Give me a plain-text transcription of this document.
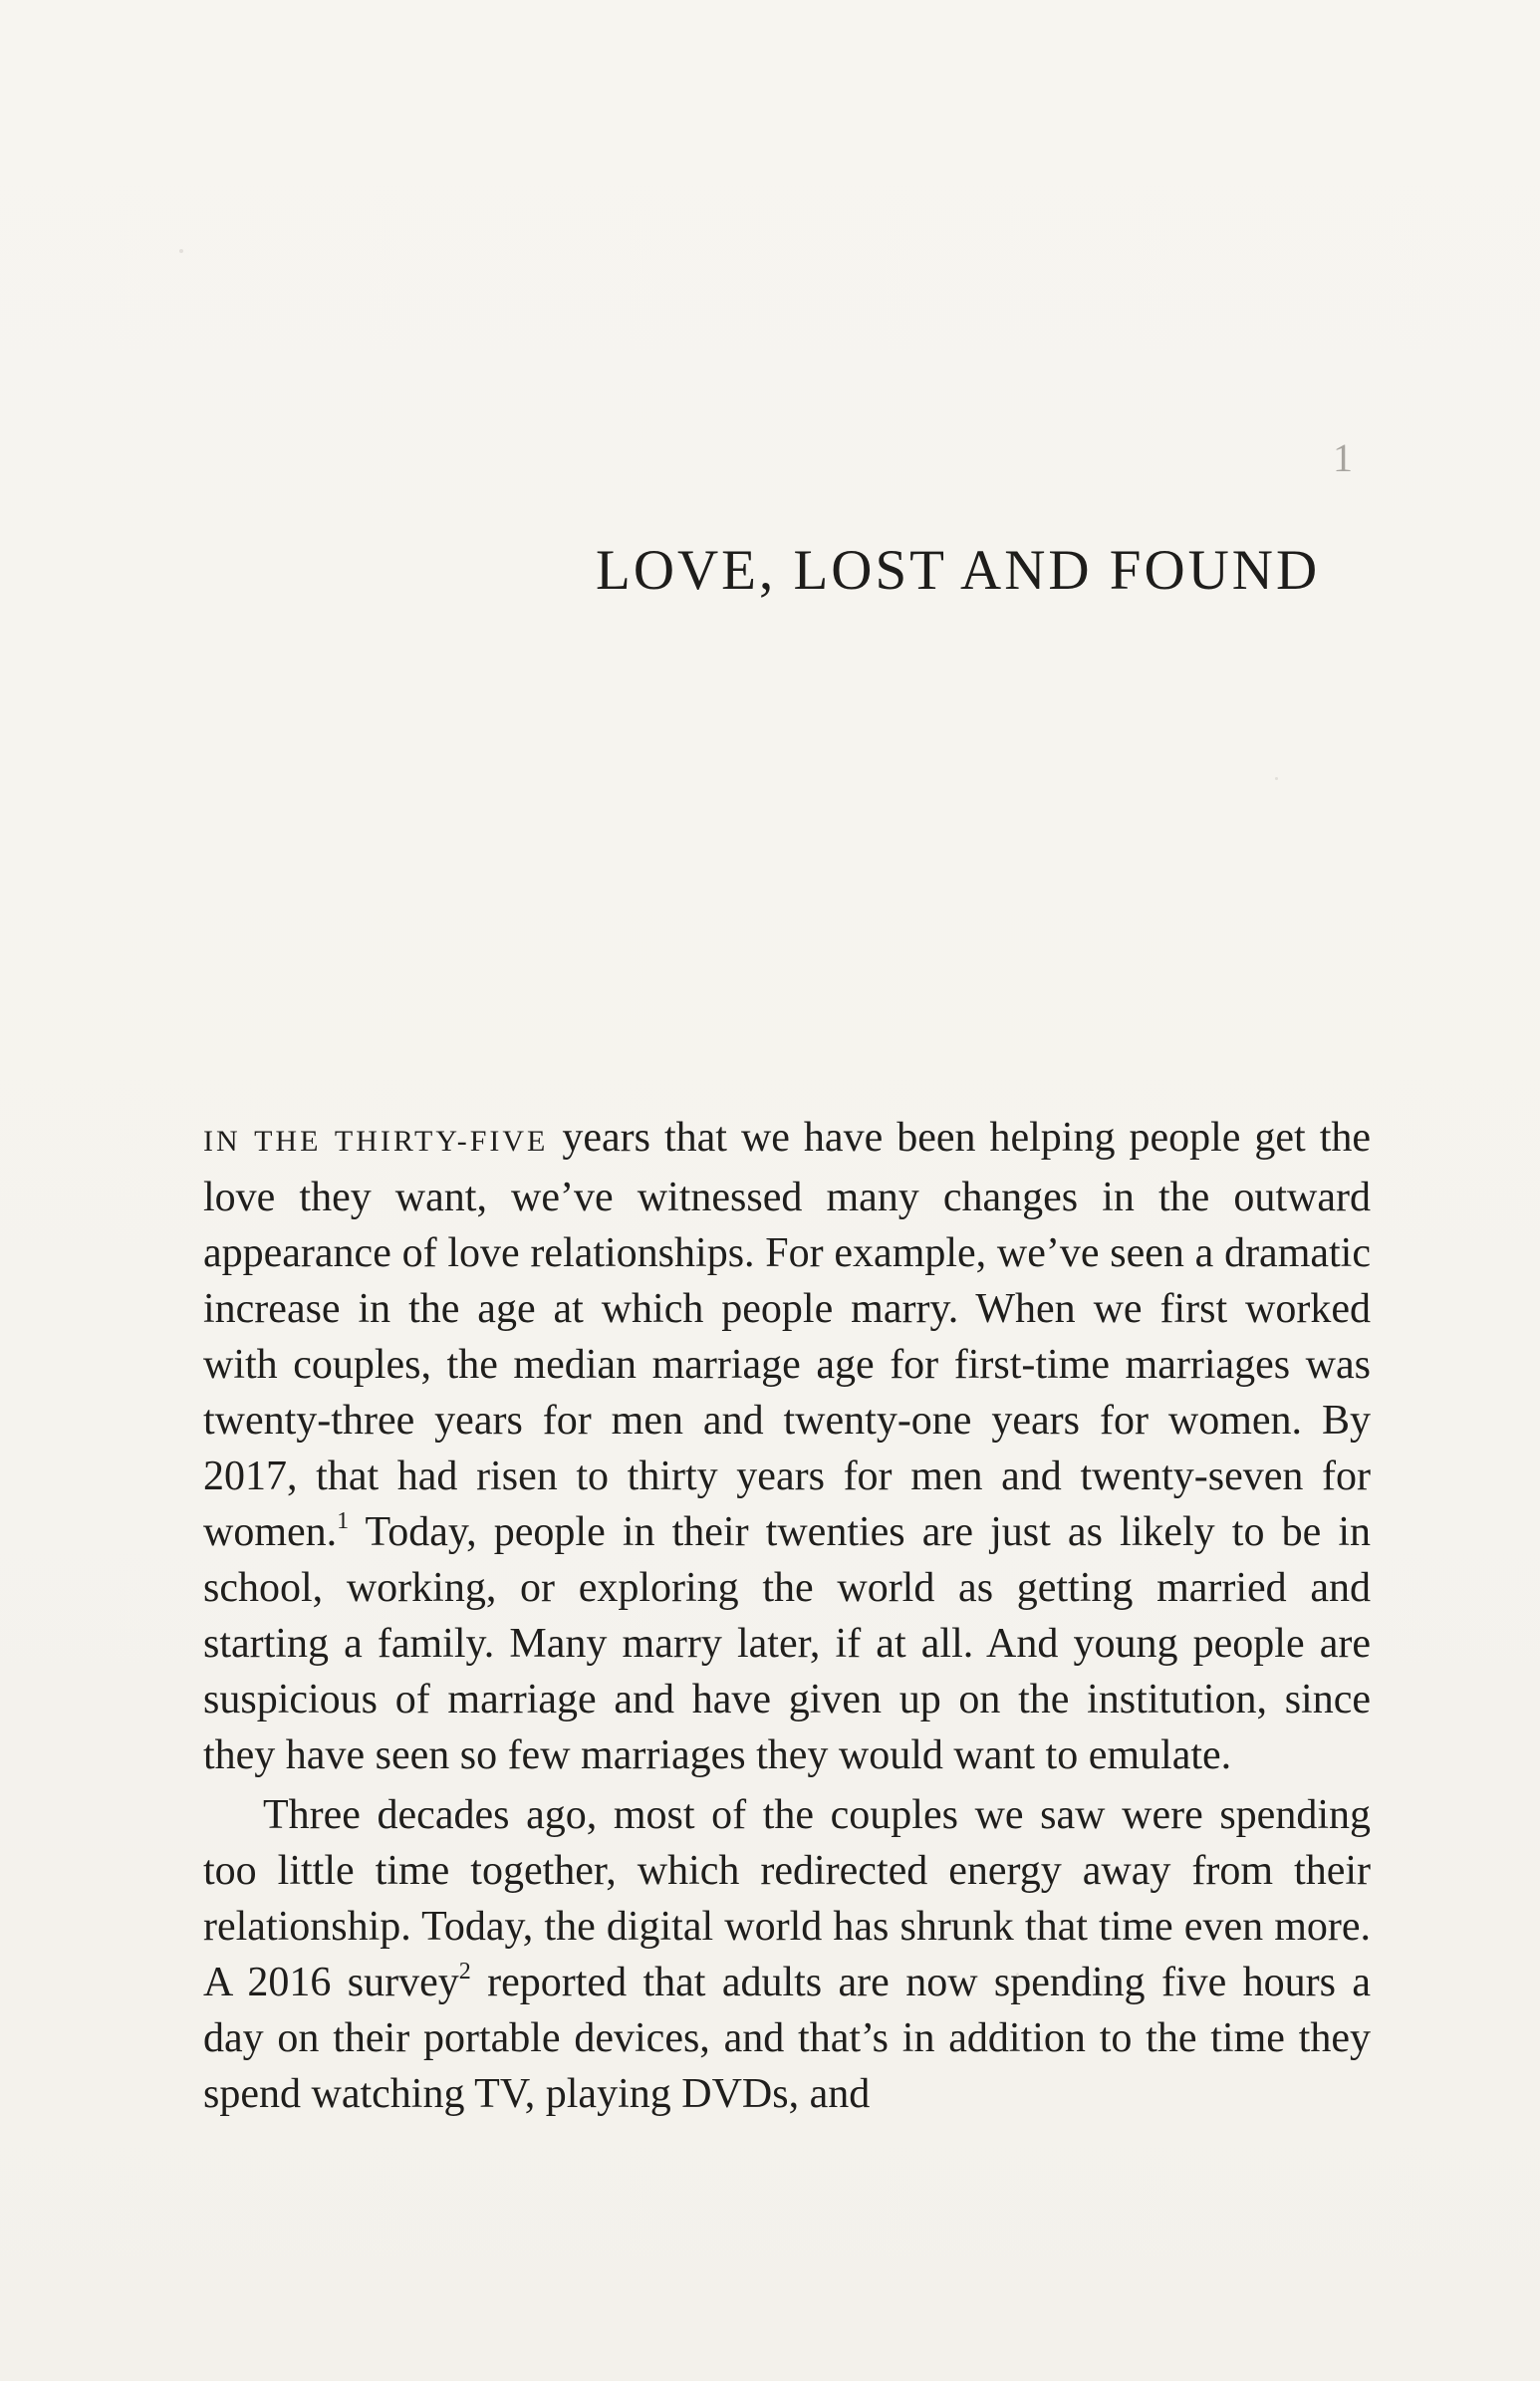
1
LOVE, LOST AND FOUND

IN THE THIRTY-FIVE years that we have been helping people get the love they want, we’ve witnessed many changes in the outward appearance of love relationships. For example, we’ve seen a dramatic increase in the age at which people marry. When we first worked with couples, the median marriage age for first-time marriages was twenty-three years for men and twenty-one years for women. By 2017, that had risen to thirty years for men and twenty-seven for women.$^1$ Today, people in their twenties are just as likely to be in school, working, or exploring the world as getting married and starting a family. Many marry later, if at all. And young people are suspicious of marriage and have given up on the institution, since they have seen so few marriages they would want to emulate.

Three decades ago, most of the couples we saw were spending too little time together, which redirected energy away from their relationship. Today, the digital world has shrunk that time even more. A 2016 survey$^2$ reported that adults are now spending five hours a day on their portable devices, and that’s in addition to the time they spend watching TV, playing DVDs, and
